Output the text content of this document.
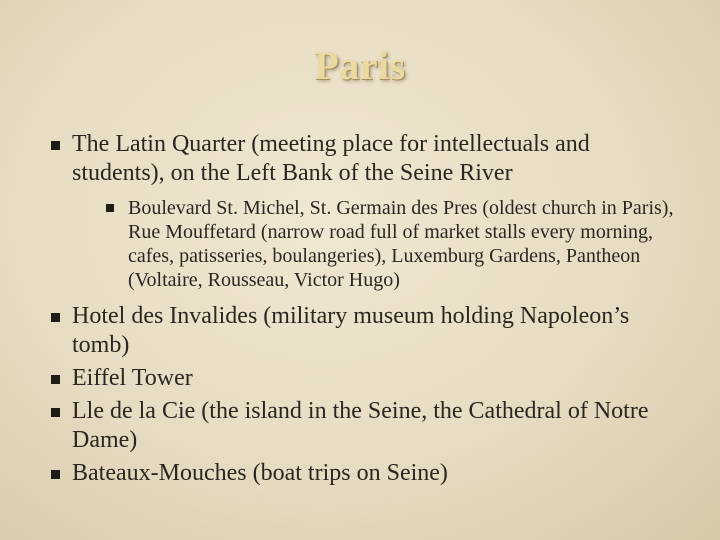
Paris
The Latin Quarter (meeting place for intellectuals and students), on the Left Bank of the Seine River
Boulevard St. Michel, St. Germain des Pres (oldest church in Paris), Rue Mouffetard (narrow road full of market stalls every morning, cafes, patisseries, boulangeries), Luxemburg Gardens, Pantheon (Voltaire, Rousseau, Victor Hugo)
Hotel des Invalides (military museum holding Napoleon’s tomb)
Eiffel Tower
Lle de la Cie (the island in the Seine, the Cathedral of Notre Dame)
Bateaux-Mouches (boat trips on Seine)
